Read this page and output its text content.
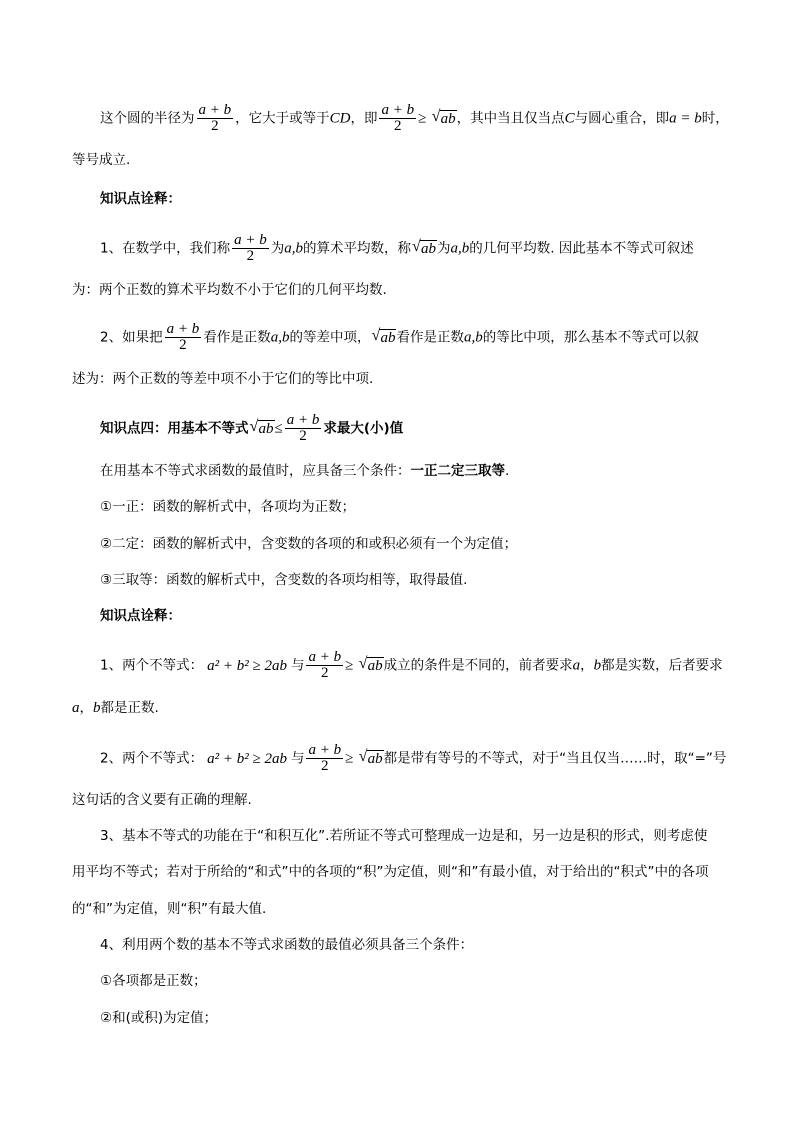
这个圆的半径为 $\frac{a + b}{2}$ ，它大于或等于CD，即 $\frac{a + b}{2}$ ≥ √ ab，其中当且仅当点C与圆心重合，即a = b时，
等号成立.
知识点诠释：
1、在数学中，我们称 $\frac{a + b}{2}$ 为a,b的算术平均数，称 √ ab为a,b的几何平均数. 因此基本不等式可叙述
为：两个正数的算术平均数不小于它们的几何平均数.
2、如果把 $\frac{a + b}{2}$ 看作是正数a,b的等差中项， √ ab看作是正数a,b的等比中项，那么基本不等式可以叙
述为：两个正数的等差中项不小于它们的等比中项.
知识点四：用基本不等式 √ $ab\le \frac{a + b}{2}$ 求最大(小)值
在用基本不等式求函数的最值时，应具备三个条件：一正二定三取等.
①一正：函数的解析式中，各项均为正数；
②二定：函数的解析式中，含变数的各项的和或积必须有一个为定值；
③三取等：函数的解析式中，含变数的各项均相等，取得最值.
知识点诠释：
1、两个不等式： a² + b² ≥ 2ab 与 $\frac{a + b}{2}$ ≥ √ ab成立的条件是不同的，前者要求a，b都是实数，后者要求
a，b都是正数.
2、两个不等式： a² + b² ≥ 2ab 与 $\frac{a + b}{2}$ ≥ √ ab都是带有等号的不等式，对于“当且仅当……时，取“=”号
这句话的含义要有正确的理解.
3、基本不等式的功能在于“和积互化”.若所证不等式可整理成一边是和，另一边是积的形式，则考虑使
用平均不等式；若对于所给的“和式”中的各项的“积”为定值，则“和”有最小值，对于给出的“积式”中的各项
的“和”为定值，则“积”有最大值.
4、利用两个数的基本不等式求函数的最值必须具备三个条件：
①各项都是正数；
②和(或积)为定值；
